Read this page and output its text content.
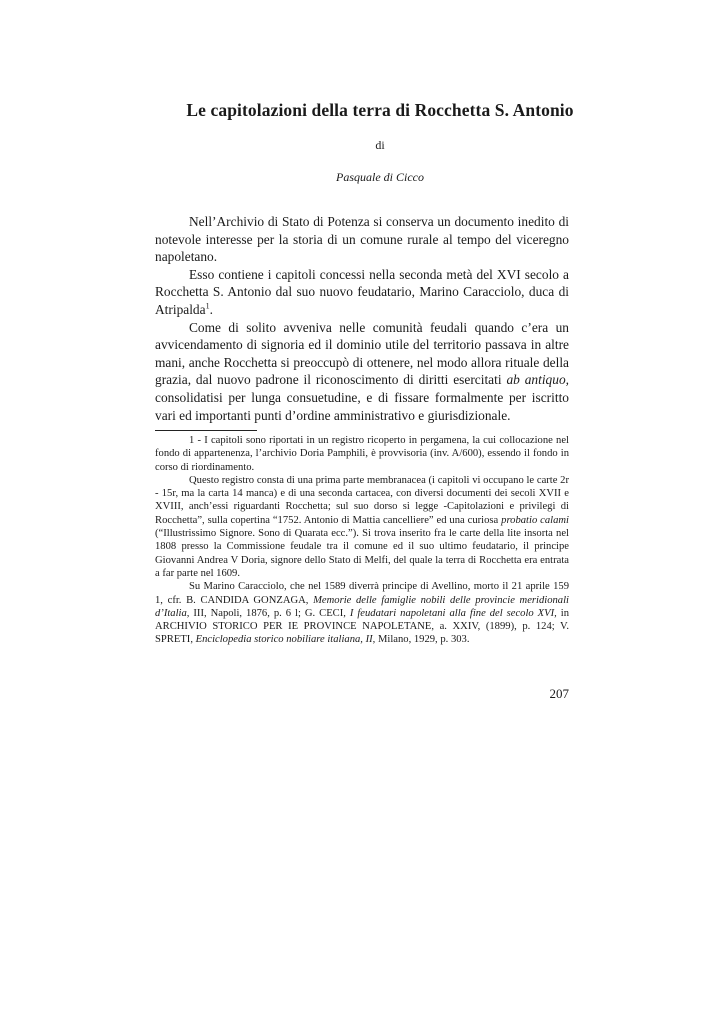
Le capitolazioni della terra di Rocchetta S. Antonio
di
Pasquale di Cicco

Nell’Archivio di Stato di Potenza si conserva un documento inedito di notevole interesse per la storia di un comune rurale al tempo del viceregno napoletano.

Esso contiene i capitoli concessi nella seconda metà del XVI secolo a Rocchetta S. Antonio dal suo nuovo feudatario, Marino Caracciolo, duca di Atripalda$^1$.

Come di solito avveniva nelle comunità feudali quando c’era un avvicendamento di signoria ed il dominio utile del territorio passava in altre mani, anche Rocchetta si preoccupò di ottenere, nel modo allora rituale della grazia, dal nuovo padrone il riconoscimento di diritti esercitati ab antiquo, consolidatisi per lunga consuetudine, e di fissare formalmente per iscritto vari ed importanti punti d’ordine amministrativo e giurisdizionale.

1 - I capitoli sono riportati in un registro ricoperto in pergamena, la cui collocazione nel fondo di appartenenza, l’archivio Doria Pamphili, è provvisoria (inv. A/600), essendo il fondo in corso di riordinamento.

Questo registro consta di una prima parte membranacea (i capitoli vi occupano le carte 2r - 15r, ma la carta 14 manca) e di una seconda cartacea, con diversi documenti dei secoli XVII e XVIII, anch’essi riguardanti Rocchetta; sul suo dorso si legge -Capitolazioni e privilegi di Rocchetta”, sulla copertina “1752. Antonio di Mattia cancelliere” ed una curiosa probatio calami (“Illustrissimo Signore. Sono di Quarata ecc.”). Si trova inserito fra le carte della lite insorta nel 1808 presso la Commissione feudale tra il comune ed il suo ultimo feudatario, il principe Giovanni Andrea V Doria, signore dello Stato di Melfi, del quale la terra di Rocchetta era entrata a far parte nel 1609.

Su Marino Caracciolo, che nel 1589 diverrà principe di Avellino, morto il 21 aprile 159 1, cfr. B. CANDIDA GONZAGA, Memorie delle famiglie nobili delle provincie meridionali d’Italia, III, Napoli, 1876, p. 6 l; G. CECI, I feudatari napoletani alla fine del secolo XVI, in ARCHIVIO STORICO PER IE PROVINCE NAPOLETANE, a. XXIV, (1899), p. 124; V. SPRETI, Enciclopedia storico nobiliare italiana, II, Milano, 1929, p. 303.

207
